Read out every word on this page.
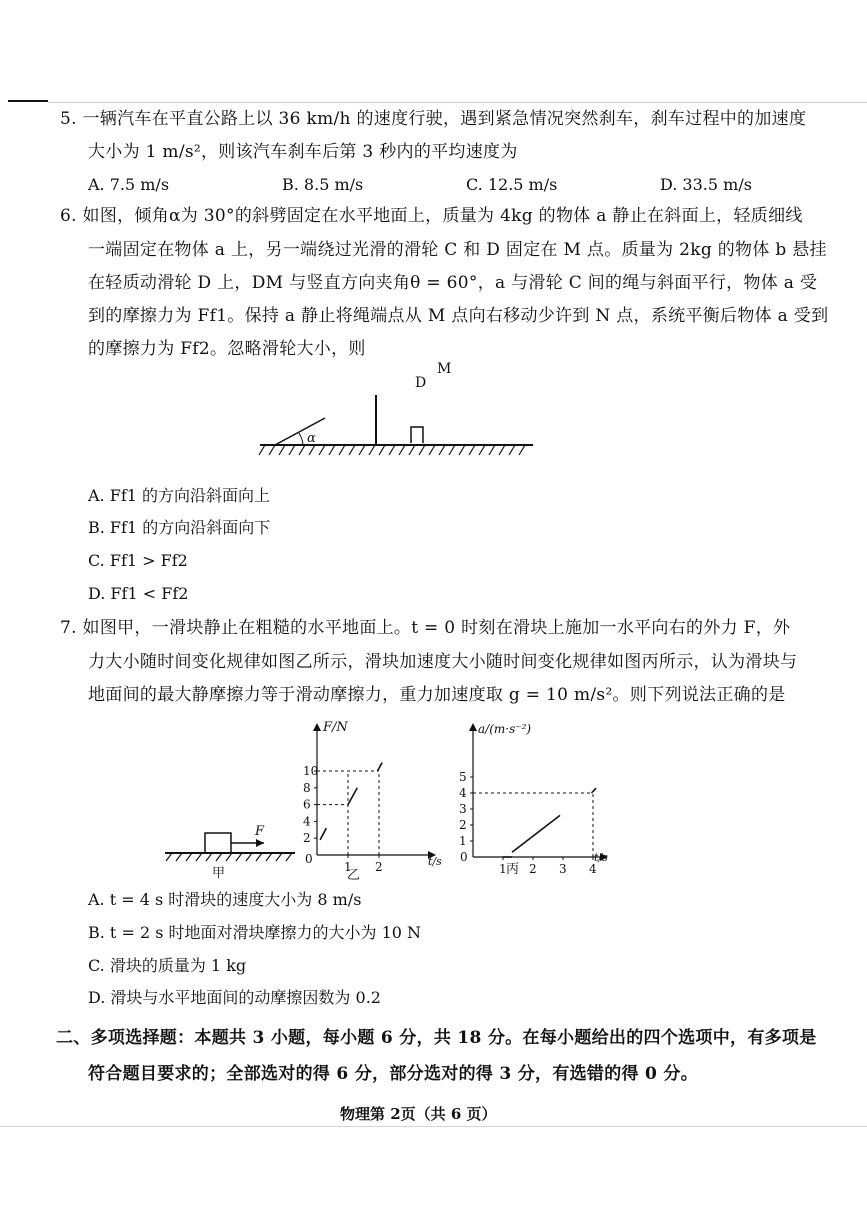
5. 一辆汽车在平直公路上以 36 km/h 的速度行驶，遇到紧急情况突然刹车，刹车过程中的加速度
大小为 1 m/s²，则该汽车刹车后第 3 秒内的平均速度为
A. 7.5 m/s	B. 8.5 m/s	C. 12.5 m/s	D. 33.5 m/s
6. 如图，倾角α为 30°的斜劈固定在水平地面上，质量为 4kg 的物体 a 静止在斜面上，轻质细线
一端固定在物体 a 上，另一端绕过光滑的滑轮 C 和 D 固定在 M 点。质量为 2kg 的物体 b 悬挂
在轻质动滑轮 D 上，DM 与竖直方向夹角θ = 60°，a 与滑轮 C 间的绳与斜面平行，物体 a 受
到的摩擦力为 Ff1。保持 a 静止将绳端点从 M 点向右移动少许到 N 点，系统平衡后物体 a 受到
的摩擦力为 Ff2。忽略滑轮大小，则
α
D
M
A. Ff1 的方向沿斜面向上
B. Ff1 的方向沿斜面向下
C. Ff1 > Ff2
D. Ff1 < Ff2
7. 如图甲，一滑块静止在粗糙的水平地面上。t = 0 时刻在滑块上施加一水平向右的外力 F，外
力大小随时间变化规律如图乙所示，滑块加速度大小随时间变化规律如图丙所示，认为滑块与
地面间的最大静摩擦力等于滑动摩擦力，重力加速度取 g = 10 m/s²。则下列说法正确的是
F
甲
F/N
t/s
0
2
4
6
8
10
1 2
乙
a/(m·s⁻²)
t/s
0
1
2
3
4
5
1 2 3 4
丙
A. t = 4 s 时滑块的速度大小为 8 m/s
B. t = 2 s 时地面对滑块摩擦力的大小为 10 N
C. 滑块的质量为 1 kg
D. 滑块与水平地面间的动摩擦因数为 0.2
二、多项选择题：本题共 3 小题，每小题 6 分，共 18 分。在每小题给出的四个选项中，有多项是
符合题目要求的；全部选对的得 6 分，部分选对的得 3 分，有选错的得 0 分。
物理第 2页（共 6 页）
